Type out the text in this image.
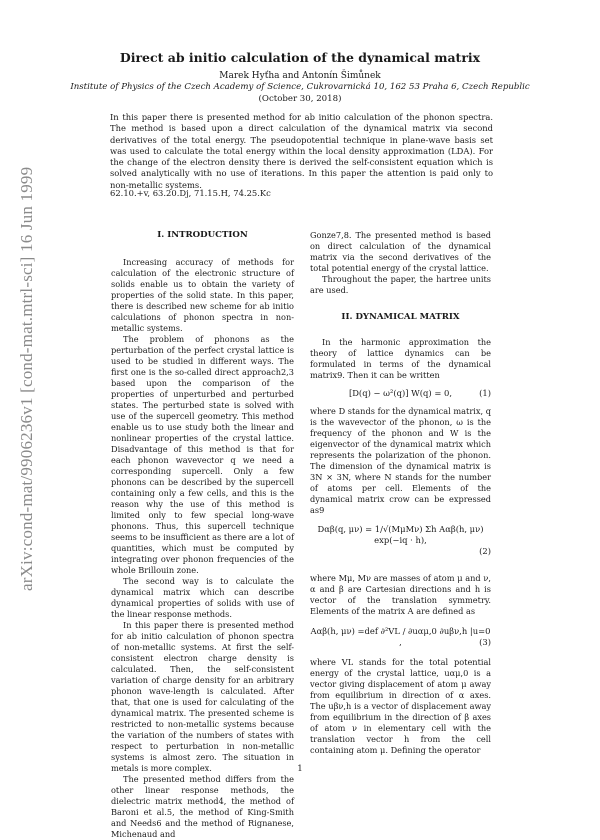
arXiv:cond-mat/9906236v1 [cond-mat.mtrl-sci] 16 Jun 1999
Direct ab initio calculation of the dynamical matrix
Marek Hyťha and Antonín Šimůnek
Institute of Physics of the Czech Academy of Science, Cukrovarnická 10, 162 53 Praha 6, Czech Republic
(October 30, 2018)
In this paper there is presented method for ab initio calculation of the phonon spectra. The method is based upon a direct calculation of the dynamical matrix via second derivatives of the total energy. The pseudopotential technique in plane-wave basis set was used to calculate the total energy within the local density approximation (LDA). For the change of the electron density there is derived the self-consistent equation which is solved analytically with no use of iterations. In this paper the attention is paid only to non-metallic systems.
62.10.+v, 63.20.Dj, 71.15.H, 74.25.Kc
I. INTRODUCTION

Increasing accuracy of methods for calculation of the electronic structure of solids enable us to obtain the variety of properties of the solid state. In this paper, there is described new scheme for ab initio calculations of phonon spectra in non-metallic systems.

The problem of phonons as the perturbation of the perfect crystal lattice is used to be studied in different ways. The first one is the so-called direct approach2,3 based upon the comparison of the properties of unperturbed and perturbed states. The perturbed state is solved with use of the supercell geometry. This method enable us to use study both the linear and nonlinear properties of the crystal lattice. Disadvantage of this method is that for each phonon wavevector q we need a corresponding supercell. Only a few phonons can be described by the supercell containing only a few cells, and this is the reason why the use of this method is limited only to few special long-wave phonons. Thus, this supercell technique seems to be insufficient as there are a lot of quantities, which must be computed by integrating over phonon frequencies of the whole Brillouin zone.

The second way is to calculate the dynamical matrix which can describe dynamical properties of solids with use of the linear response methods.

In this paper there is presented method for ab initio calculation of phonon spectra of non-metallic systems. At first the self-consistent electron charge density is calculated. Then, the self-consistent variation of charge density for an arbitrary phonon wave-length is calculated. After that, that one is used for calculating of the dynamical matrix. The presented scheme is restricted to non-metallic systems because the variation of the numbers of states with respect to perturbation in non-metallic systems is almost zero. The situation in metals is more complex.

The presented method differs from the other linear response methods, the dielectric matrix method4, the method of Baroni et al.5, the method of King-Smith and Needs6 and the method of Rignanese, Michenaud and

Gonze7,8. The presented method is based on direct calculation of the dynamical matrix via the second derivatives of the total potential energy of the crystal lattice.

Throughout the paper, the hartree units are used.

II. DYNAMICAL MATRIX

In the harmonic approximation the theory of lattice dynamics can be formulated in terms of the dynamical matrix9. Then it can be written

[D(q) − ω²(q)] W(q) = 0,	(1)

where D stands for the dynamical matrix, q is the wavevector of the phonon, ω is the frequency of the phonon and W is the eigenvector of the dynamical matrix which represents the polarization of the phonon. The dimension of the dynamical matrix is 3N × 3N, where N stands for the number of atoms per cell. Elements of the dynamical matrix crow can be expressed as9

Dαβ(q, μν) = 1/√(MμMν) Σh Aαβ(h, μν) exp(−iq · h),
(2)

where Mμ, Mν are masses of atom μ and ν, α and β are Cartesian directions and h is vector of the translation symmetry. Elements of the matrix A are defined as

Aαβ(h, μν) =def ∂²VL / ∂uαμ,0 ∂uβν,h |u=0 ,	(3)

where VL stands for the total potential energy of the crystal lattice, uαμ,0 is a vector giving displacement of atom μ away from equilibrium in direction of α axes. The uβν,h is a vector of displacement away from equilibrium in the direction of β axes of atom ν in elementary cell with the translation vector h from the cell containing atom μ. Defining the operator

1
